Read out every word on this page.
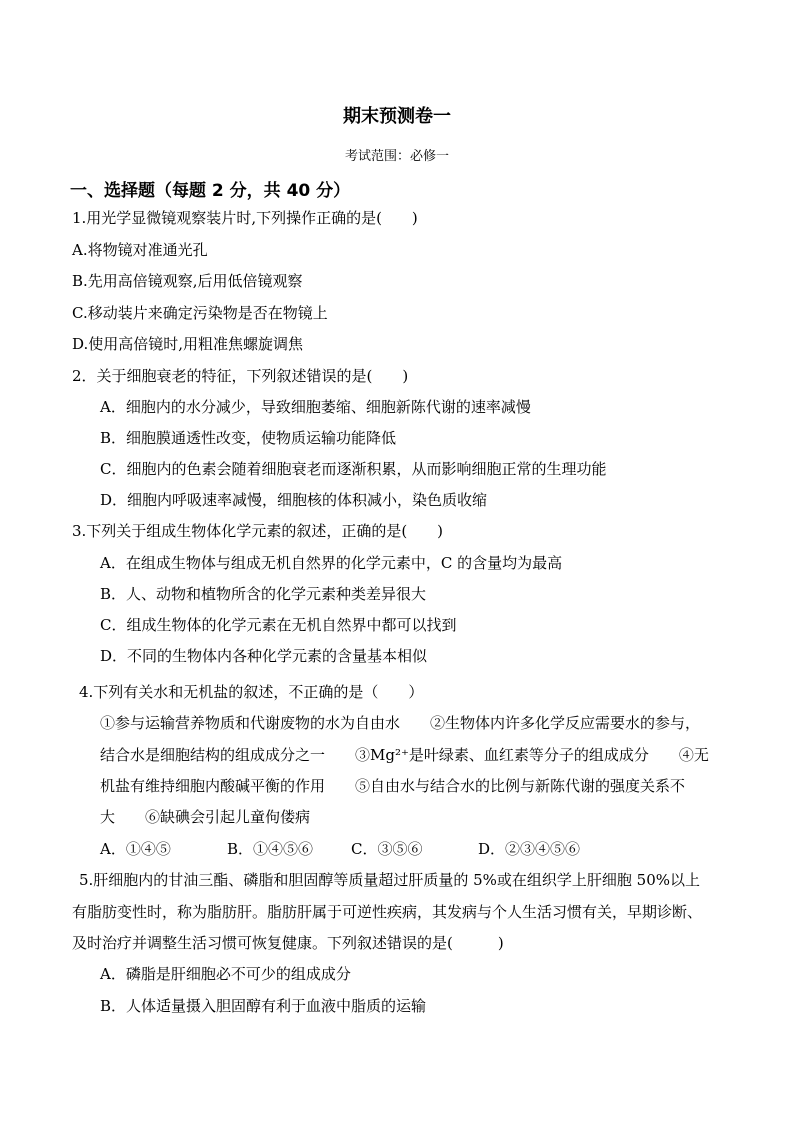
期末预测卷一
考试范围：必修一
一、选择题（每题 2 分，共 40 分）
1.用光学显微镜观察装片时,下列操作正确的是(　　)
A.将物镜对准通光孔
B.先用高倍镜观察,后用低倍镜观察
C.移动装片来确定污染物是否在物镜上
D.使用高倍镜时,用粗准焦螺旋调焦
2．关于细胞衰老的特征，下列叙述错误的是(　　)
A．细胞内的水分减少，导致细胞萎缩、细胞新陈代谢的速率减慢
B．细胞膜通透性改变，使物质运输功能降低
C．细胞内的色素会随着细胞衰老而逐渐积累，从而影响细胞正常的生理功能
D．细胞内呼吸速率减慢，细胞核的体积减小，染色质收缩
3.下列关于组成生物体化学元素的叙述，正确的是(　　)
A．在组成生物体与组成无机自然界的化学元素中，C 的含量均为最高
B．人、动物和植物所含的化学元素种类差异很大
C．组成生物体的化学元素在无机自然界中都可以找到
D．不同的生物体内各种化学元素的含量基本相似
4.下列有关水和无机盐的叙述，不正确的是（　　）
①参与运输营养物质和代谢废物的水为自由水　　②生物体内许多化学反应需要水的参与，
结合水是细胞结构的组成成分之一　　③Mg²⁺是叶绿素、血红素等分子的组成成分　　④无
机盐有维持细胞内酸碱平衡的作用　　⑤自由水与结合水的比例与新陈代谢的强度关系不
大　　⑥缺碘会引起儿童佝偻病
A．①④⑤	B．①④⑤⑥	C．③⑤⑥	D．②③④⑤⑥
5.肝细胞内的甘油三酯、磷脂和胆固醇等质量超过肝质量的 5%或在组织学上肝细胞 50%以上
有脂肪变性时，称为脂肪肝。脂肪肝属于可逆性疾病，其发病与个人生活习惯有关，早期诊断、
及时治疗并调整生活习惯可恢复健康。下列叙述错误的是(　　　)
A．磷脂是肝细胞必不可少的组成成分
B．人体适量摄入胆固醇有利于血液中脂质的运输
